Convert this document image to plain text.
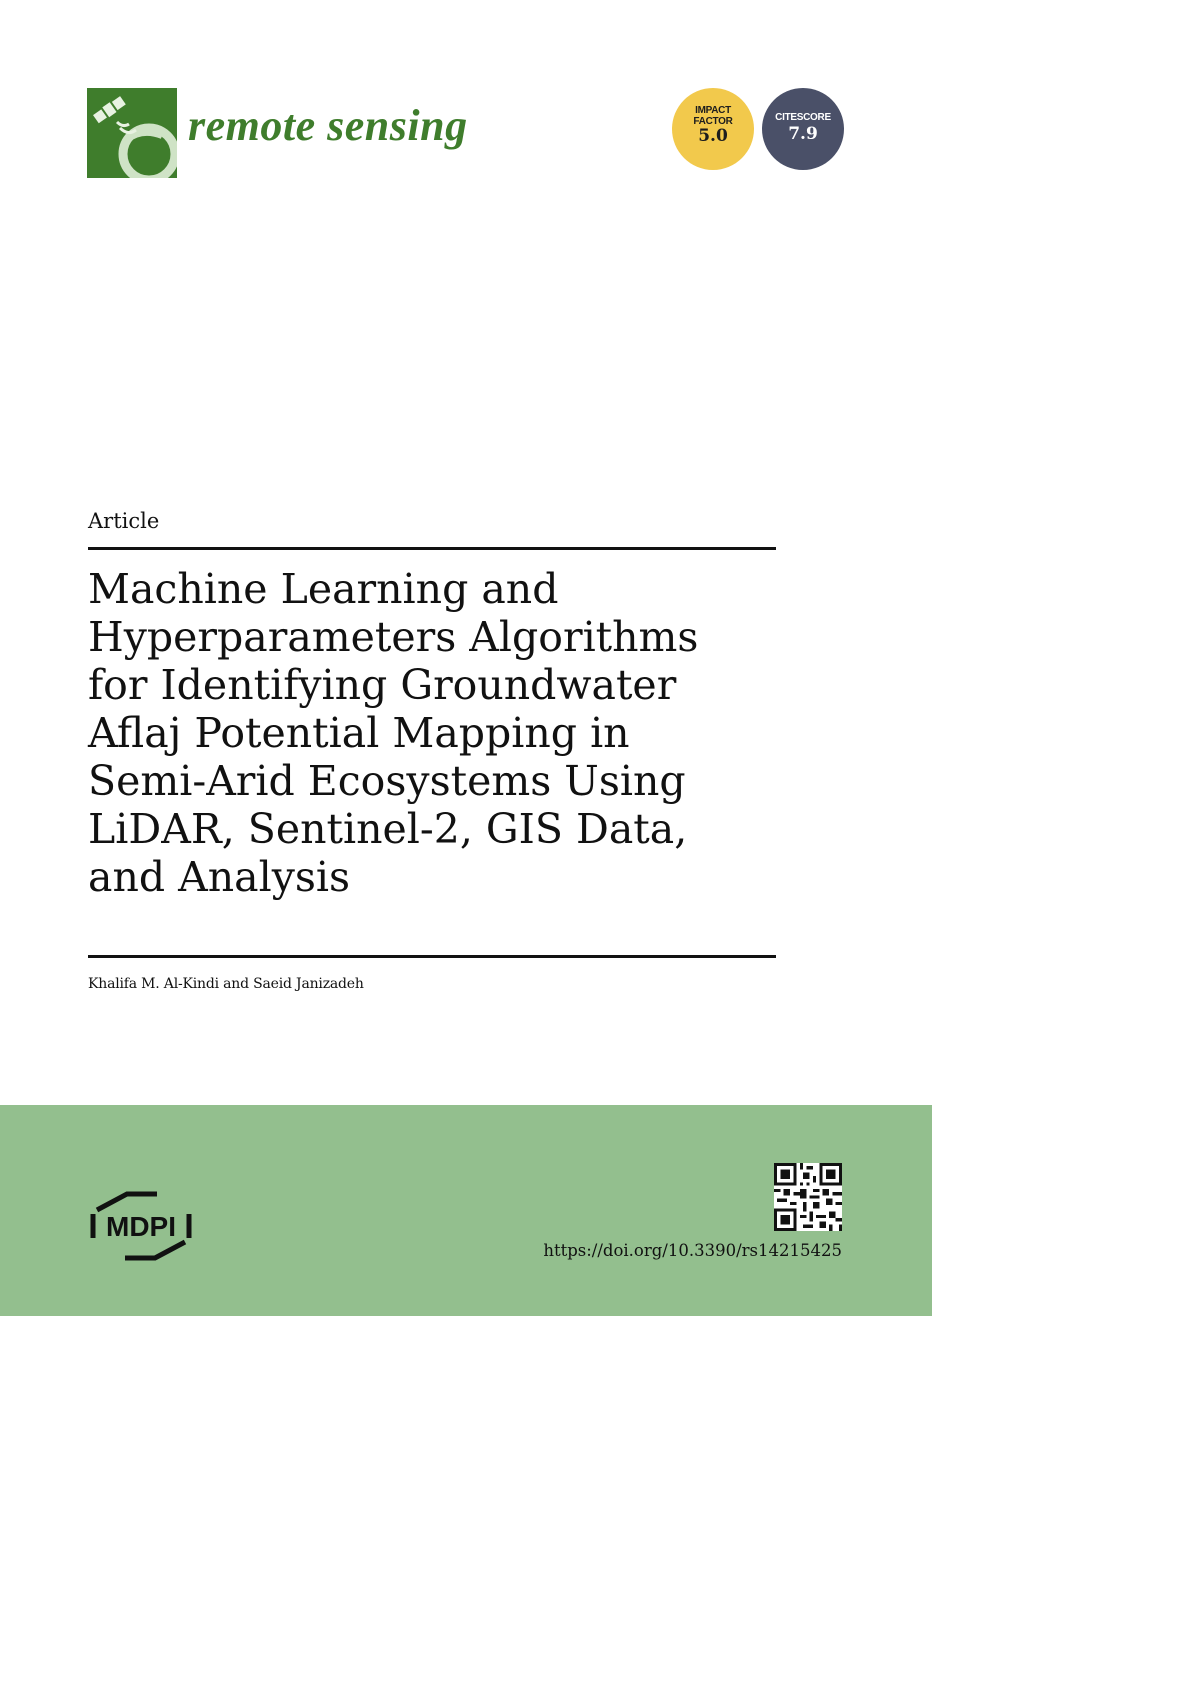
remote sensing	IMPACT
FACTOR
5.0
CITESCORE
7.9
Article
Machine Learning and
Hyperparameters Algorithms
for Identifying Groundwater
Aflaj Potential Mapping in
Semi-Arid Ecosystems Using
LiDAR, Sentinel-2, GIS Data,
and Analysis
Khalifa M. Al-Kindi and Saeid Janizadeh
MDPI
https://doi.org/10.3390/rs14215425
